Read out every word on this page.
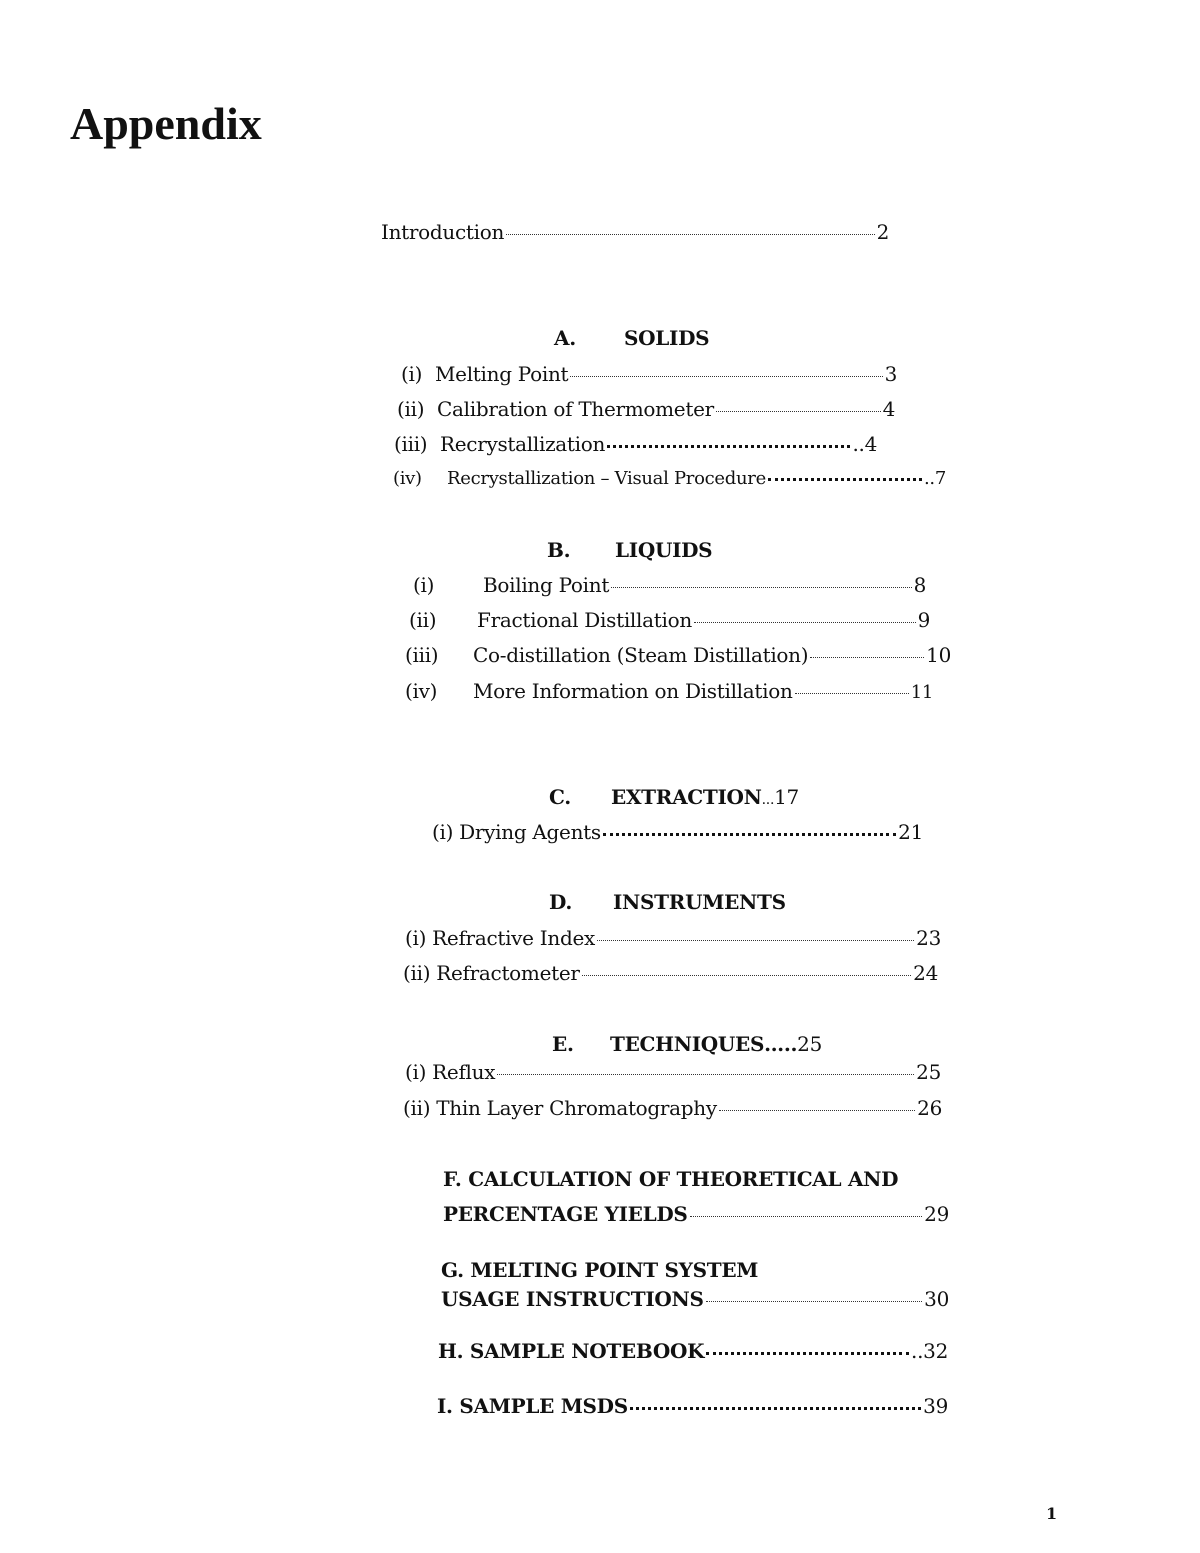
Appendix
Introduction	2
A. SOLIDS
(i) Melting Point	3
(ii) Calibration of Thermometer	4
(iii) Recrystallization	..4
(iv)	Recrystallization – Visual Procedure	..7
B. LIQUIDS
(i)	Boiling Point	8
(ii)	Fractional Distillation	9
(iii)	Co-distillation (Steam Distillation)	10
(iv)	More Information on Distillation	11
C. EXTRACTION...17
(i) Drying Agents	21
D. INSTRUMENTS
(i) Refractive Index	23
(ii) Refractometer	24
E. TECHNIQUES…..25
(i) Reflux	25
(ii) Thin Layer Chromatography	26
F. CALCULATION OF THEORETICAL AND
PERCENTAGE YIELDS	29
G. MELTING POINT SYSTEM
USAGE INSTRUCTIONS	30
H. SAMPLE NOTEBOOK	..32
I. SAMPLE MSDS	39
1
